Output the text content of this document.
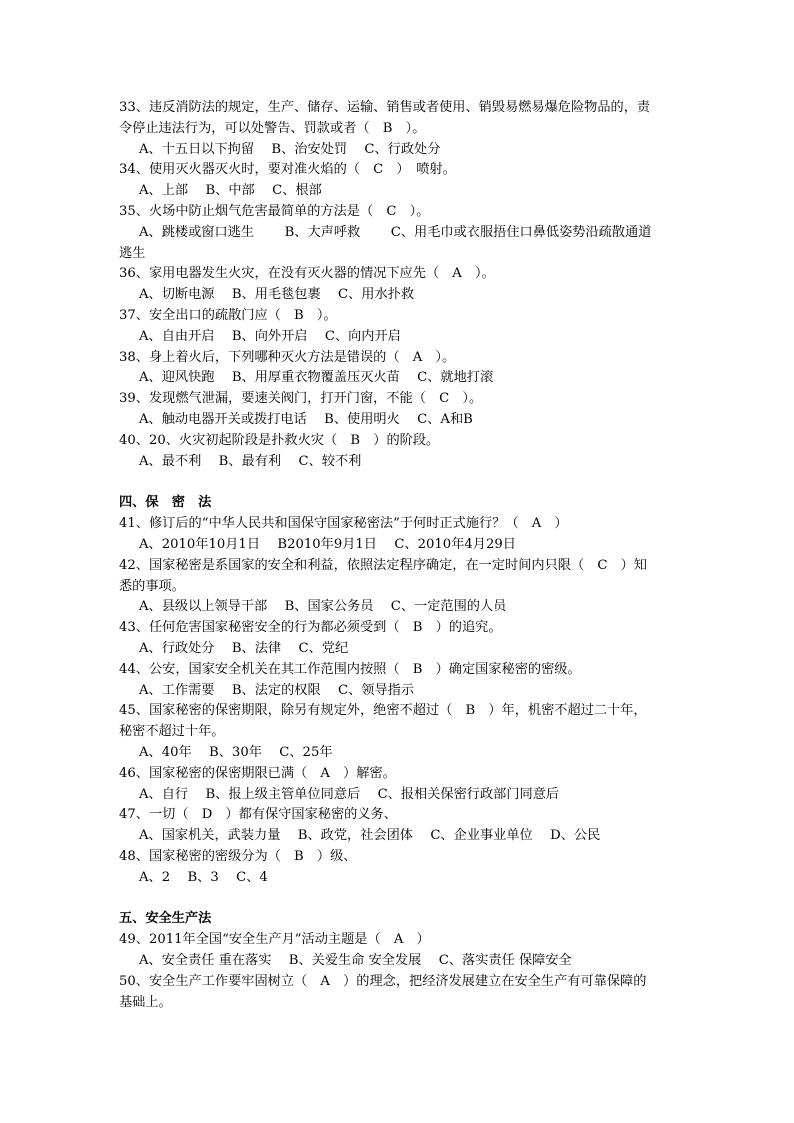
33、违反消防法的规定，生产、储存、运输、销售或者使用、销毁易燃易爆危险物品的，责
令停止违法行为，可以处警告、罚款或者（　B　）。
A、十五日以下拘留　 B、治安处罚　 C、行政处分
34、使用灭火器灭火时，要对准火焰的（　C　）　喷射。
A、上部　 B、中部　 C、根部
35、火场中防止烟气危害最简单的方法是（　C　）。
A、跳楼或窗口逃生　　 B、大声呼救　　 C、用毛巾或衣服捂住口鼻低姿势沿疏散通道
逃生
36、家用电器发生火灾，在没有灭火器的情况下应先（　A　）。
A、切断电源　 B、用毛毯包裹　 C、用水扑救
37、安全出口的疏散门应（　B　）。
A、自由开启　 B、向外开启　 C、向内开启
38、身上着火后，下列哪种灭火方法是错误的（　A　）。
A、迎风快跑　 B、用厚重衣物覆盖压灭火苗　 C、就地打滚
39、发现燃气泄漏，要速关阀门，打开门窗，不能（　C　）。
A、触动电器开关或拨打电话　 B、使用明火　 C、A和B
40、20、火灾初起阶段是扑救火灾（　B　）的阶段。
A、最不利　 B、最有利　 C、较不利
四、保　密　法
41、修订后的“中华人民共和国保守国家秘密法”于何时正式施行？（　A　）
A、2010年10月1日　 B2010年9月1日　 C、2010年4月29日
42、国家秘密是系国家的安全和利益，依照法定程序确定，在一定时间内只限（　C　）知
悉的事项。
A、县级以上领导干部　 B、国家公务员　 C、一定范围的人员
43、任何危害国家秘密安全的行为都必须受到（　B　）的追究。
A、行政处分　 B、法律　 C、党纪
44、公安，国家安全机关在其工作范围内按照（　B　）确定国家秘密的密级。
A、工作需要　 B、法定的权限　 C、领导指示
45、国家秘密的保密期限，除另有规定外，绝密不超过（　B　）年，机密不超过二十年，
秘密不超过十年。
A、40年　 B、30年　 C、25年
46、国家秘密的保密期限已满（　A　）解密。
A、自行　 B、报上级主管单位同意后　 C、报相关保密行政部门同意后
47、一切（　D　）都有保守国家秘密的义务、
A、国家机关，武装力量　 B、政党，社会团体　 C、企业事业单位　 D、公民
48、国家秘密的密级分为（　B　）级、
A、2　 B、3　 C、4
五、安全生产法
49、2011年全国“安全生产月”活动主题是（　A　）
A、安全责任 重在落实　 B、关爱生命 安全发展　 C、落实责任 保障安全
50、安全生产工作要牢固树立（　A　）的理念，把经济发展建立在安全生产有可靠保障的
基础上。
